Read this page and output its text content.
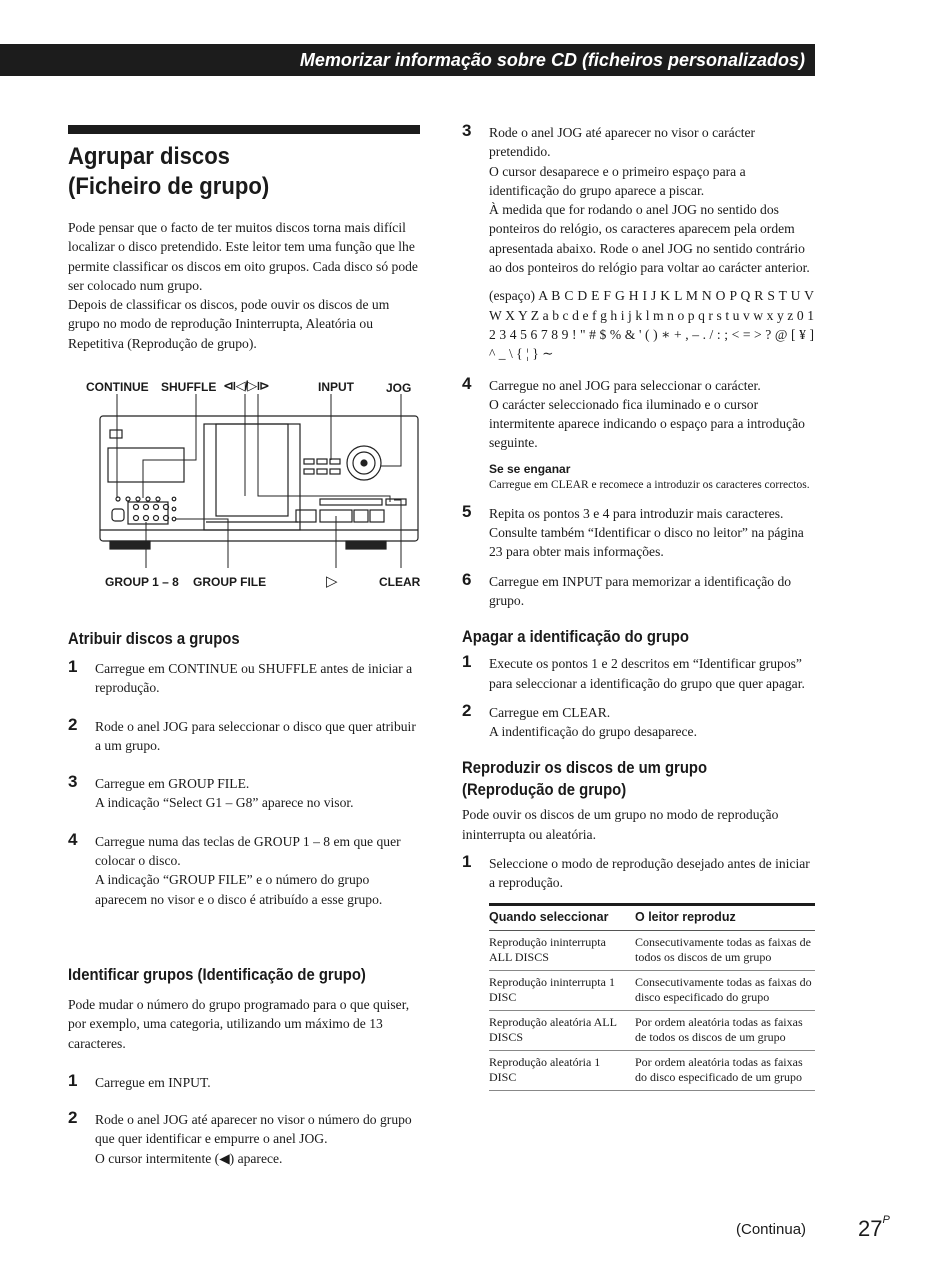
Memorizar informação sobre CD (ficheiros personalizados)
Agrupar discos
(Ficheiro de grupo)

Pode pensar que o facto de ter muitos discos torna mais difícil localizar o disco pretendido. Este leitor tem uma função que lhe permite classificar os discos em oito grupos. Cada disco só pode ser colocado num grupo.

Depois de classificar os discos, pode ouvir os discos de um grupo no modo de reprodução Ininterrupta, Aleatória ou Repetitiva (Reprodução de grupo).

CONTINUE SHUFFLE ⧏◁/▷⧐	INPUT	JOG
GROUP 1 – 8 GROUP FILE	▷	CLEAR
Atribuir discos a grupos
1 Carregue em CONTINUE ou SHUFFLE antes de iniciar a reprodução.
2 Rode o anel JOG para seleccionar o disco que quer atribuir a um grupo.
3 Carregue em GROUP FILE.
A indicação “Select G1 – G8” aparece no visor.
4 Carregue numa das teclas de GROUP 1 – 8 em que quer colocar o disco.
A indicação “GROUP FILE” e o número do grupo aparecem no visor e o disco é atribuído a esse grupo.
Identificar grupos (Identificação de grupo)

Pode mudar o número do grupo programado para o que quiser, por exemplo, uma categoria, utilizando um máximo de 13 caracteres.

1 Carregue em INPUT.
2 Rode o anel JOG até aparecer no visor o número do grupo que quer identificar e empurre o anel JOG.
O cursor intermitente (◀) aparece.
3 Rode o anel JOG até aparecer no visor o carácter pretendido.
O cursor desaparece e o primeiro espaço para a identificação do grupo aparece a piscar.
À medida que for rodando o anel JOG no sentido dos ponteiros do relógio, os caracteres aparecem pela ordem apresentada abaixo. Rode o anel JOG no sentido contrário ao dos ponteiros do relógio para voltar ao carácter anterior.
(espaço) A B C D E F G H I J K L M N O P Q R S T U V W X Y Z a b c d e f g h i j k l m n o p q r s t u v w x y z 0 1 2 3 4 5 6 7 8 9 ! " # $ % & ' ( ) ∗ + , – . / : ; < = > ? @ [ ¥ ] ^ _ \ { ¦ } ∼
4 Carregue no anel JOG para seleccionar o carácter.
O carácter seleccionado fica iluminado e o cursor intermitente aparece indicando o espaço para a introdução seguinte.
Se se enganar
Carregue em CLEAR e recomece a introduzir os caracteres correctos.
5 Repita os pontos 3 e 4 para introduzir mais caracteres.
Consulte também “Identificar o disco no leitor” na página 23 para obter mais informações.
6 Carregue em INPUT para memorizar a identificação do grupo.
Apagar a identificação do grupo
1 Execute os pontos 1 e 2 descritos em “Identificar grupos” para seleccionar a identificação do grupo que quer apagar.
2 Carregue em CLEAR.
A indentificação do grupo desaparece.
Reproduzir os discos de um grupo
(Reprodução de grupo)

Pode ouvir os discos de um grupo no modo de reprodução ininterrupta ou aleatória.

1 Seleccione o modo de reprodução desejado antes de iniciar a reprodução.
Quando seleccionar	O leitor reproduz
Reprodução ininterrupta ALL DISCS	Consecutivamente todas as faixas de todos os discos de um grupo
Reprodução ininterrupta 1 DISC	Consecutivamente todas as faixas do disco especificado do grupo
Reprodução aleatória ALL DISCS	Por ordem aleatória todas as faixas de todos os discos de um grupo
Reprodução aleatória 1 DISC	Por ordem aleatória todas as faixas do disco especificado de um grupo
(Continua) $27^P$
